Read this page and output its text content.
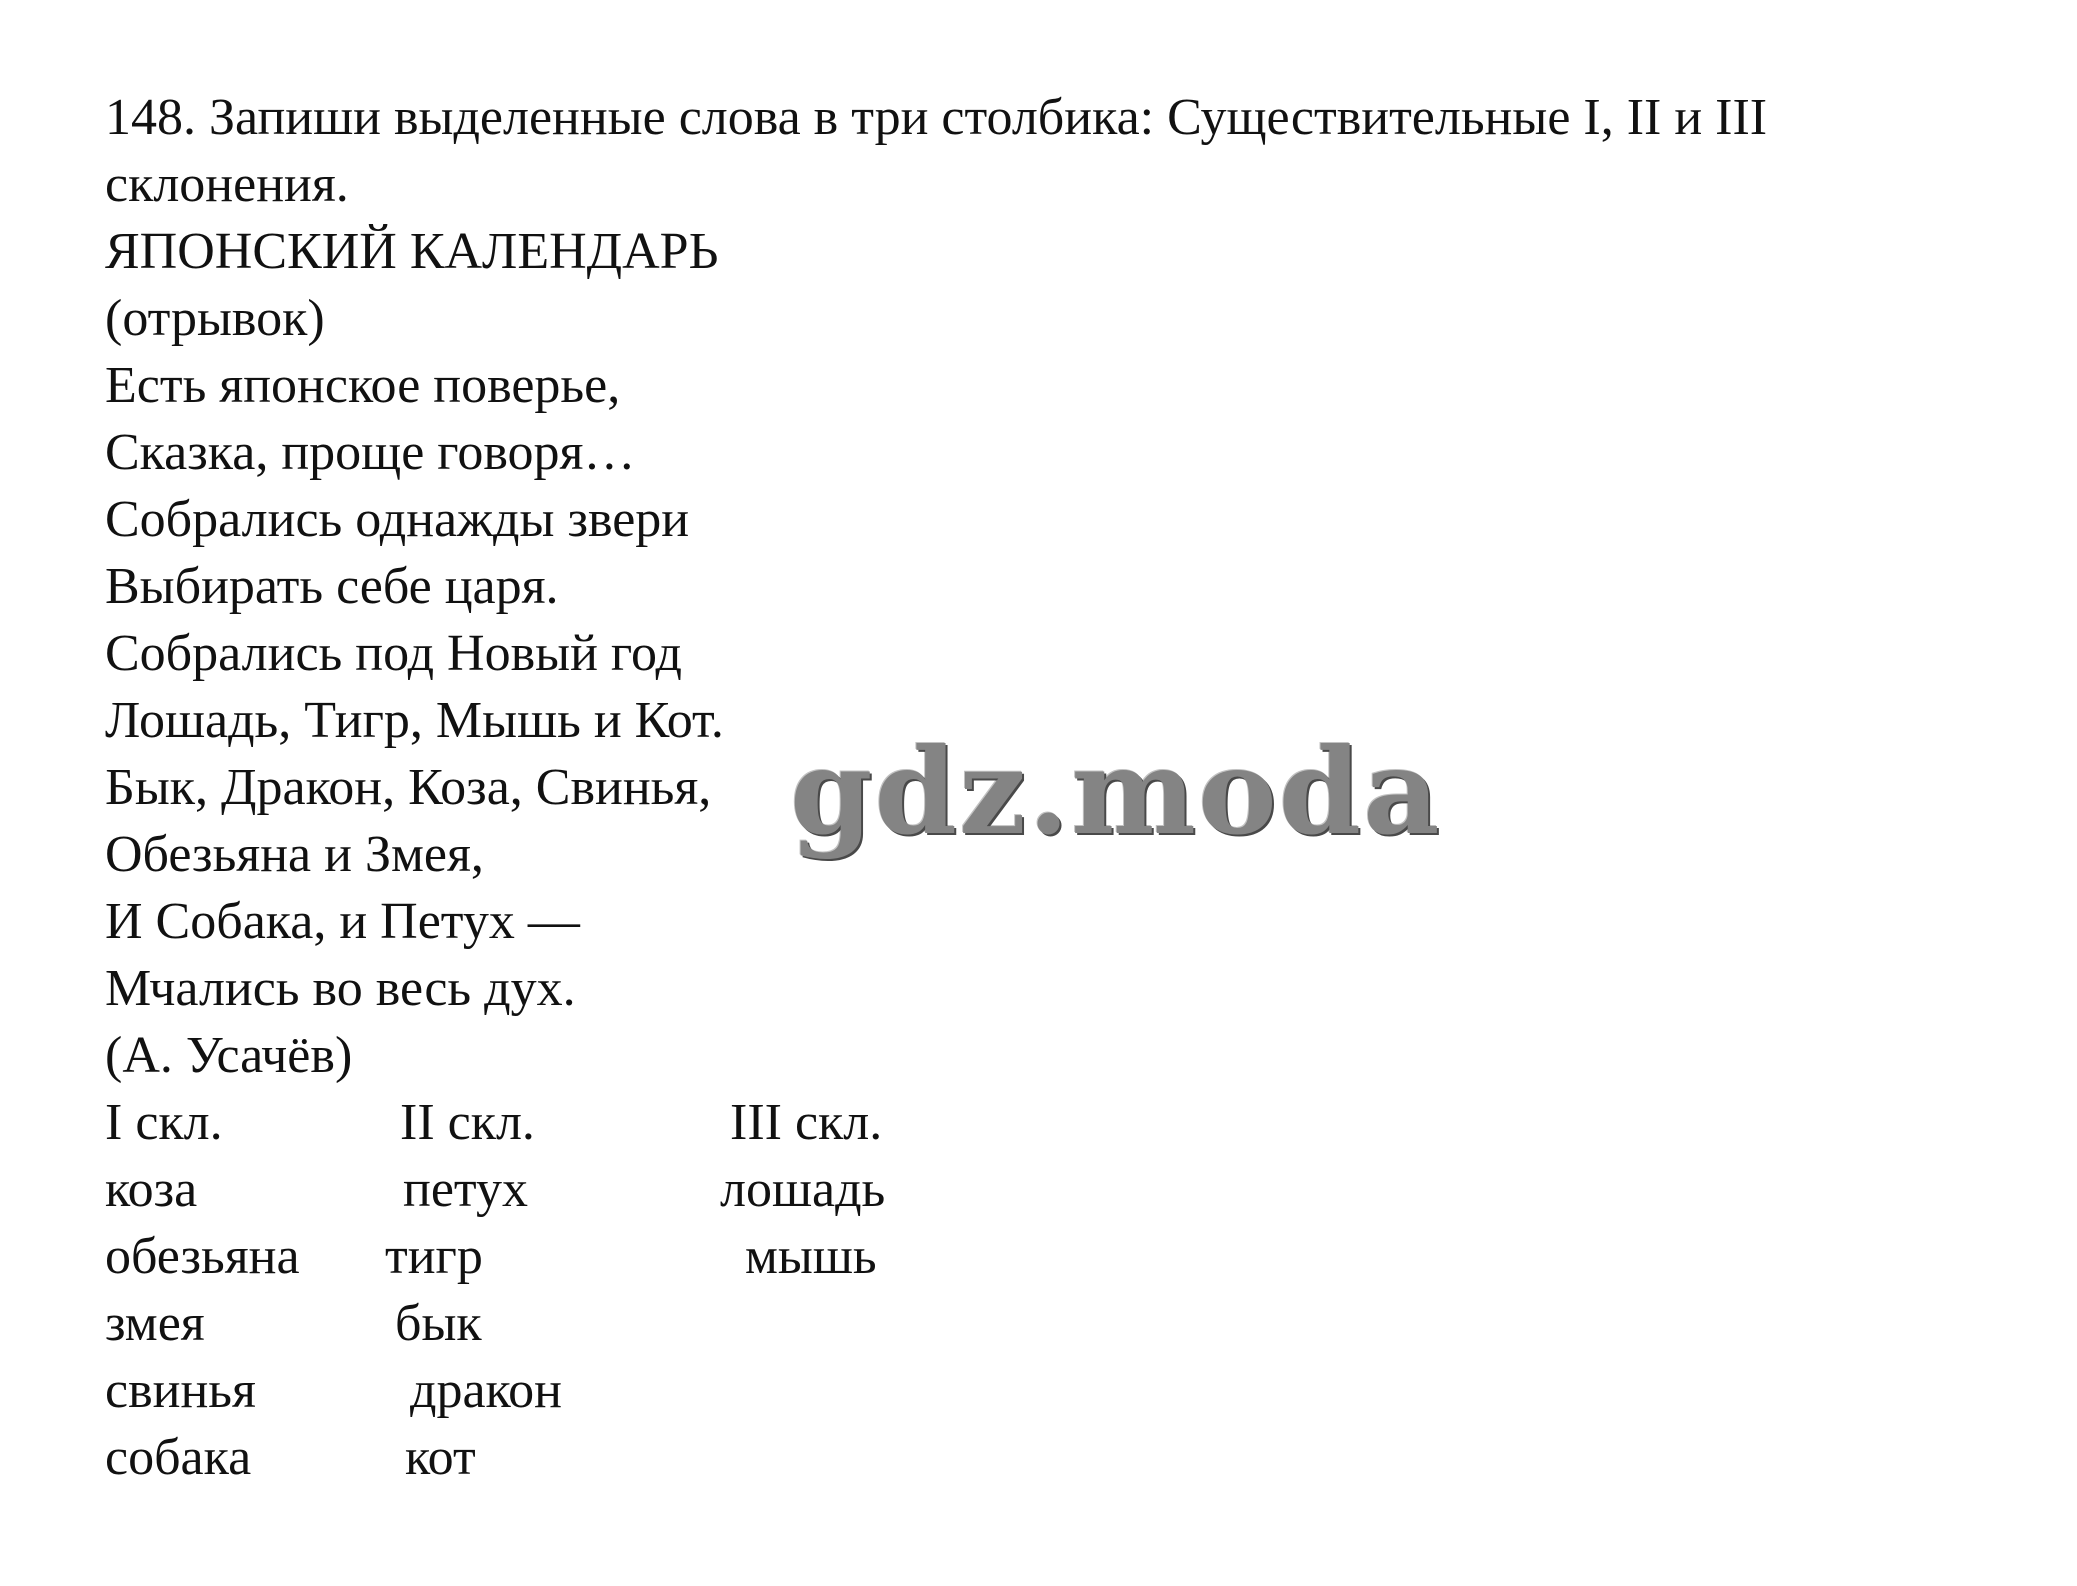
148. Запиши выделенные слова в три столбика: Существительные I, II и III
склонения.
ЯПОНСКИЙ КАЛЕНДАРЬ
(отрывок)
Есть японское поверье,
Сказка, проще говоря…
Собрались однажды звери
Выбирать себе царя.
Собрались под Новый год
Лошадь, Тигр, Мышь и Кот.
Бык, Дракон, Коза, Свинья,
Обезьяна и Змея,
И Собака, и Петух —
Мчались во весь дух.
(А. Усачёв)
I скл.
коза
обезьяна
змея
свинья
собака
II скл.
петух
тигр
бык
дракон
кот
III скл.
лошадь
мышь
gdz.moda
